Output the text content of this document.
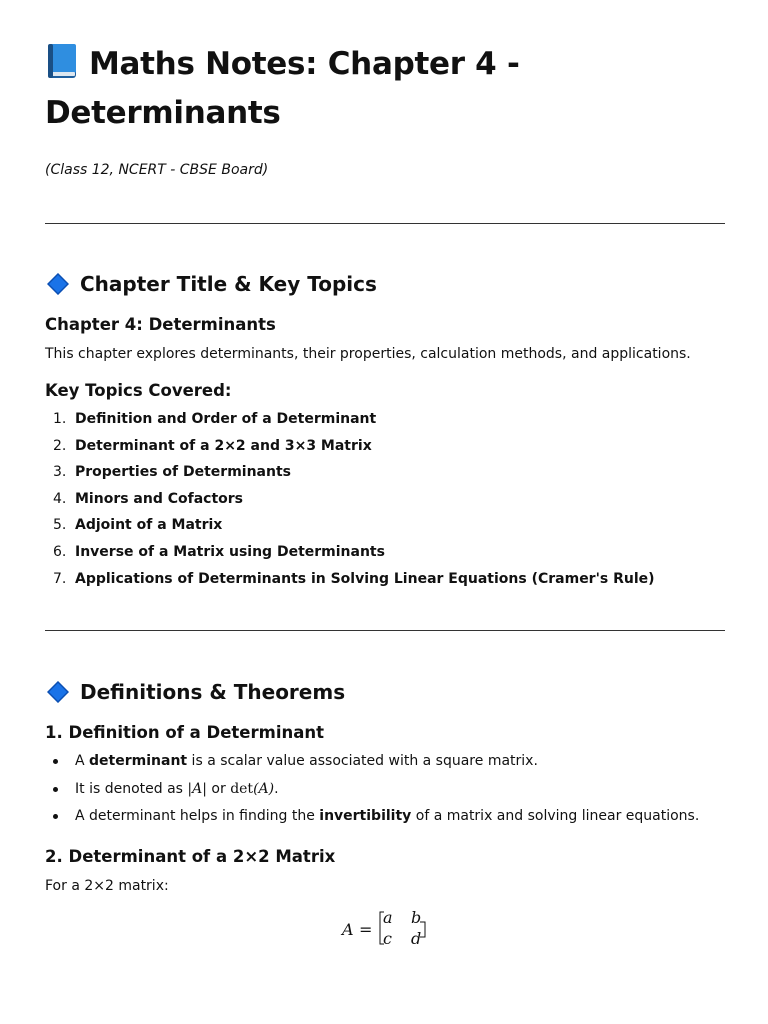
Maths Notes: Chapter 4 -
Determinants

(Class 12, NCERT - CBSE Board)

Chapter Title & Key Topics
Chapter 4: Determinants

This chapter explores determinants, their properties, calculation methods, and applications.

Key Topics Covered:
1. Definition and Order of a Determinant
2. Determinant of a 2×2 and 3×3 Matrix
3. Properties of Determinants
4. Minors and Cofactors
5. Adjoint of a Matrix
6. Inverse of a Matrix using Determinants
7. Applications of Determinants in Solving Linear Equations (Cramer's Rule)
Definitions & Theorems
1. Definition of a Determinant
A determinant is a scalar value associated with a square matrix.
It is denoted as |A| or det(A).
A determinant helps in finding the invertibility of a matrix and solving linear equations.
2. Determinant of a 2×2 Matrix

For a 2×2 matrix:

A =
a b
c d
